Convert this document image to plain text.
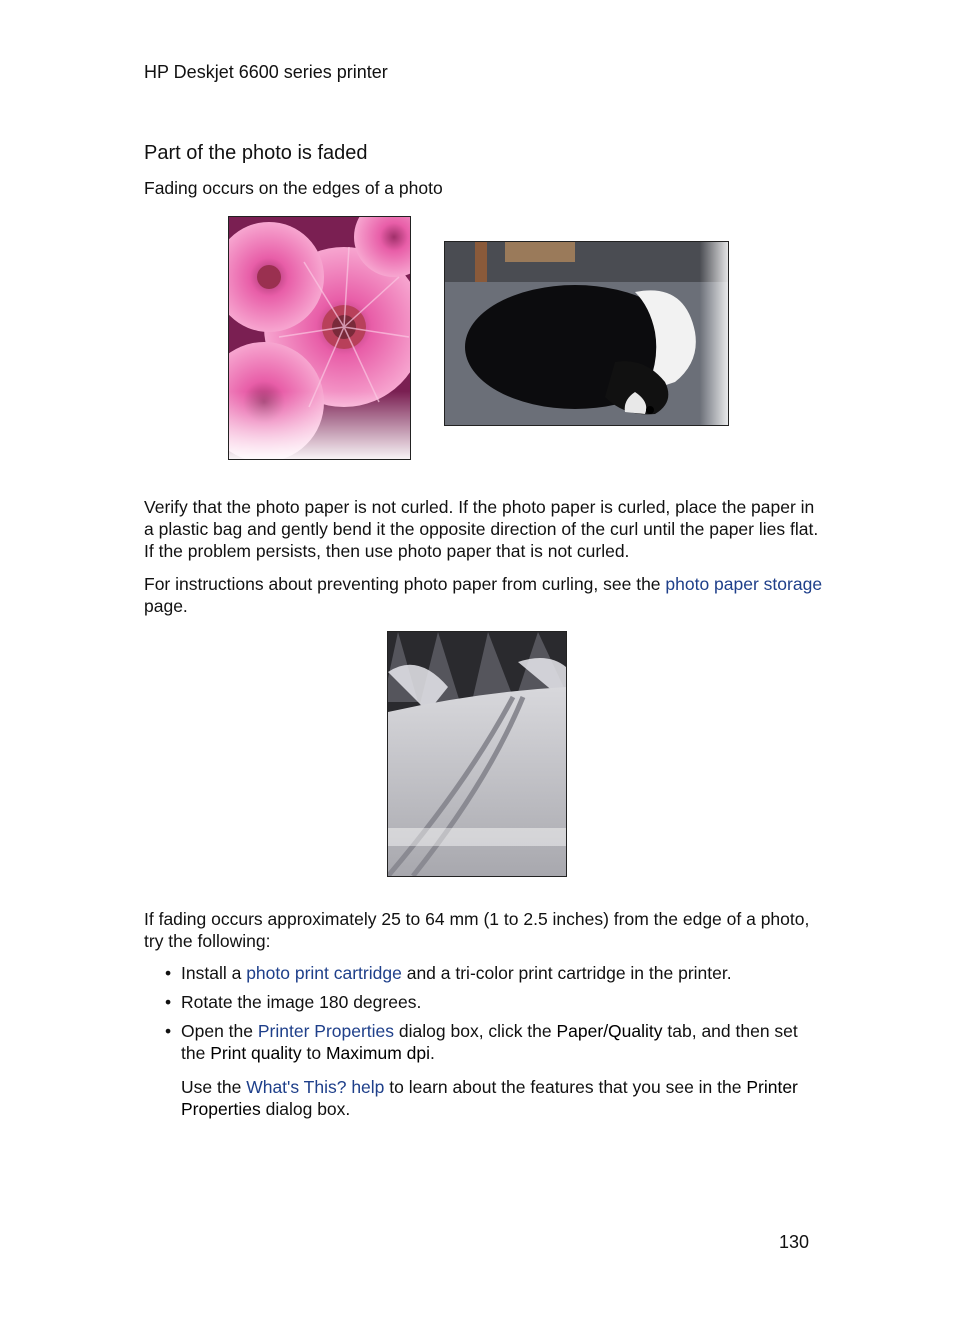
HP Deskjet 6600 series printer
Part of the photo is faded
Fading occurs on the edges of a photo

Verify that the photo paper is not curled. If the photo paper is curled, place the paper in a plastic bag and gently bend it the opposite direction of the curl until the paper lies flat. If the problem persists, then use photo paper that is not curled.

For instructions about preventing photo paper from curling, see the photo paper storage page.

If fading occurs approximately 25 to 64 mm (1 to 2.5 inches) from the edge of a photo, try the following:

• Install a photo print cartridge and a tri-color print cartridge in the printer.
• Rotate the image 180 degrees.
• Open the Printer Properties dialog box, click the Paper/Quality tab, and then set the Print quality to Maximum dpi.

Use the What's This? help to learn about the features that you see in the Printer Properties dialog box.

130
